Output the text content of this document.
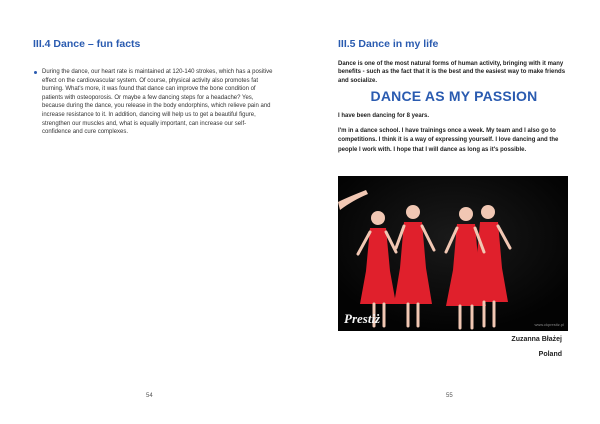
III.4 Dance – fun facts

During the dance, our heart rate is maintained at 120-140 strokes, which has a positive effect on the cardiovascular system. Of course, physical activity also promotes fat burning. What's more, it was found that dance can improve the bone condition of patients with osteoporosis. Or maybe a few dancing steps for a headache? Yes, because during the dance, you release in the body endorphins, which relieve pain and increase resistance to it. In addition, dancing will help us to get a beautiful figure, strengthen our muscles and, what is equally important, can increase our self-confidence and cure complexes.

54
III.5 Dance in my life

Dance is one of the most natural forms of human activity, bringing with it many benefits - such as the fact that it is the best and the easiest way to make friends and socialize.

DANCE AS MY PASSION

I have been dancing for 8 years.

I'm in a dance school. I have trainings once a week. My team and I also go to competitions. I think it is a way of expressing yourself. I love dancing and the people I work with. I hope that I will dance as long as it's possible.

Prestiż	www.ckprestiz.pl
Zuzanna Błażej
Poland
55
